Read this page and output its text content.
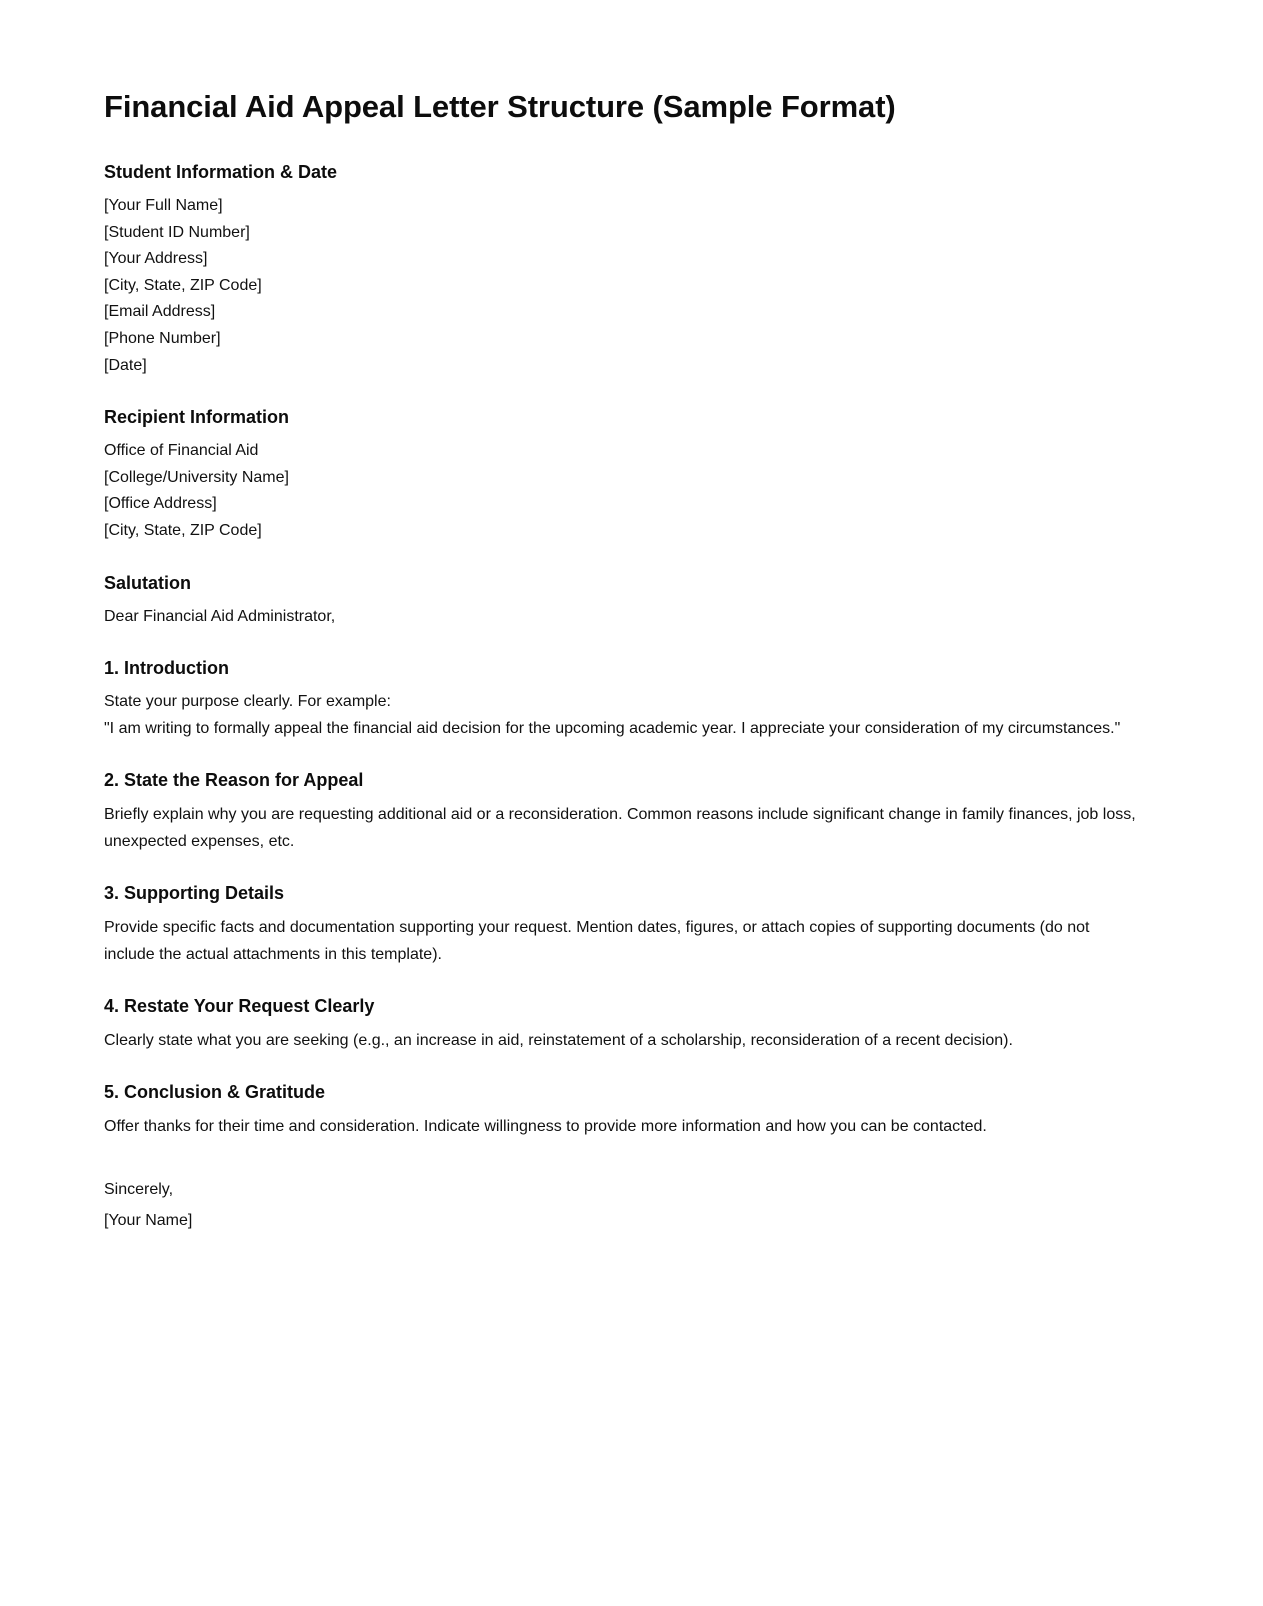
Financial Aid Appeal Letter Structure (Sample Format)
Student Information & Date

[Your Full Name]

[Student ID Number]

[Your Address]

[City, State, ZIP Code]

[Email Address]

[Phone Number]

[Date]

Recipient Information

Office of Financial Aid

[College/University Name]

[Office Address]

[City, State, ZIP Code]

Salutation

Dear Financial Aid Administrator,

1. Introduction

State your purpose clearly. For example:

"I am writing to formally appeal the financial aid decision for the upcoming academic year. I appreciate your consideration of my circumstances."

2. State the Reason for Appeal

Briefly explain why you are requesting additional aid or a reconsideration. Common reasons include significant change in family finances, job loss, unexpected expenses, etc.

3. Supporting Details

Provide specific facts and documentation supporting your request. Mention dates, figures, or attach copies of supporting documents (do not include the actual attachments in this template).

4. Restate Your Request Clearly

Clearly state what you are seeking (e.g., an increase in aid, reinstatement of a scholarship, reconsideration of a recent decision).

5. Conclusion & Gratitude

Offer thanks for their time and consideration. Indicate willingness to provide more information and how you can be contacted.

Sincerely,

[Your Name]
